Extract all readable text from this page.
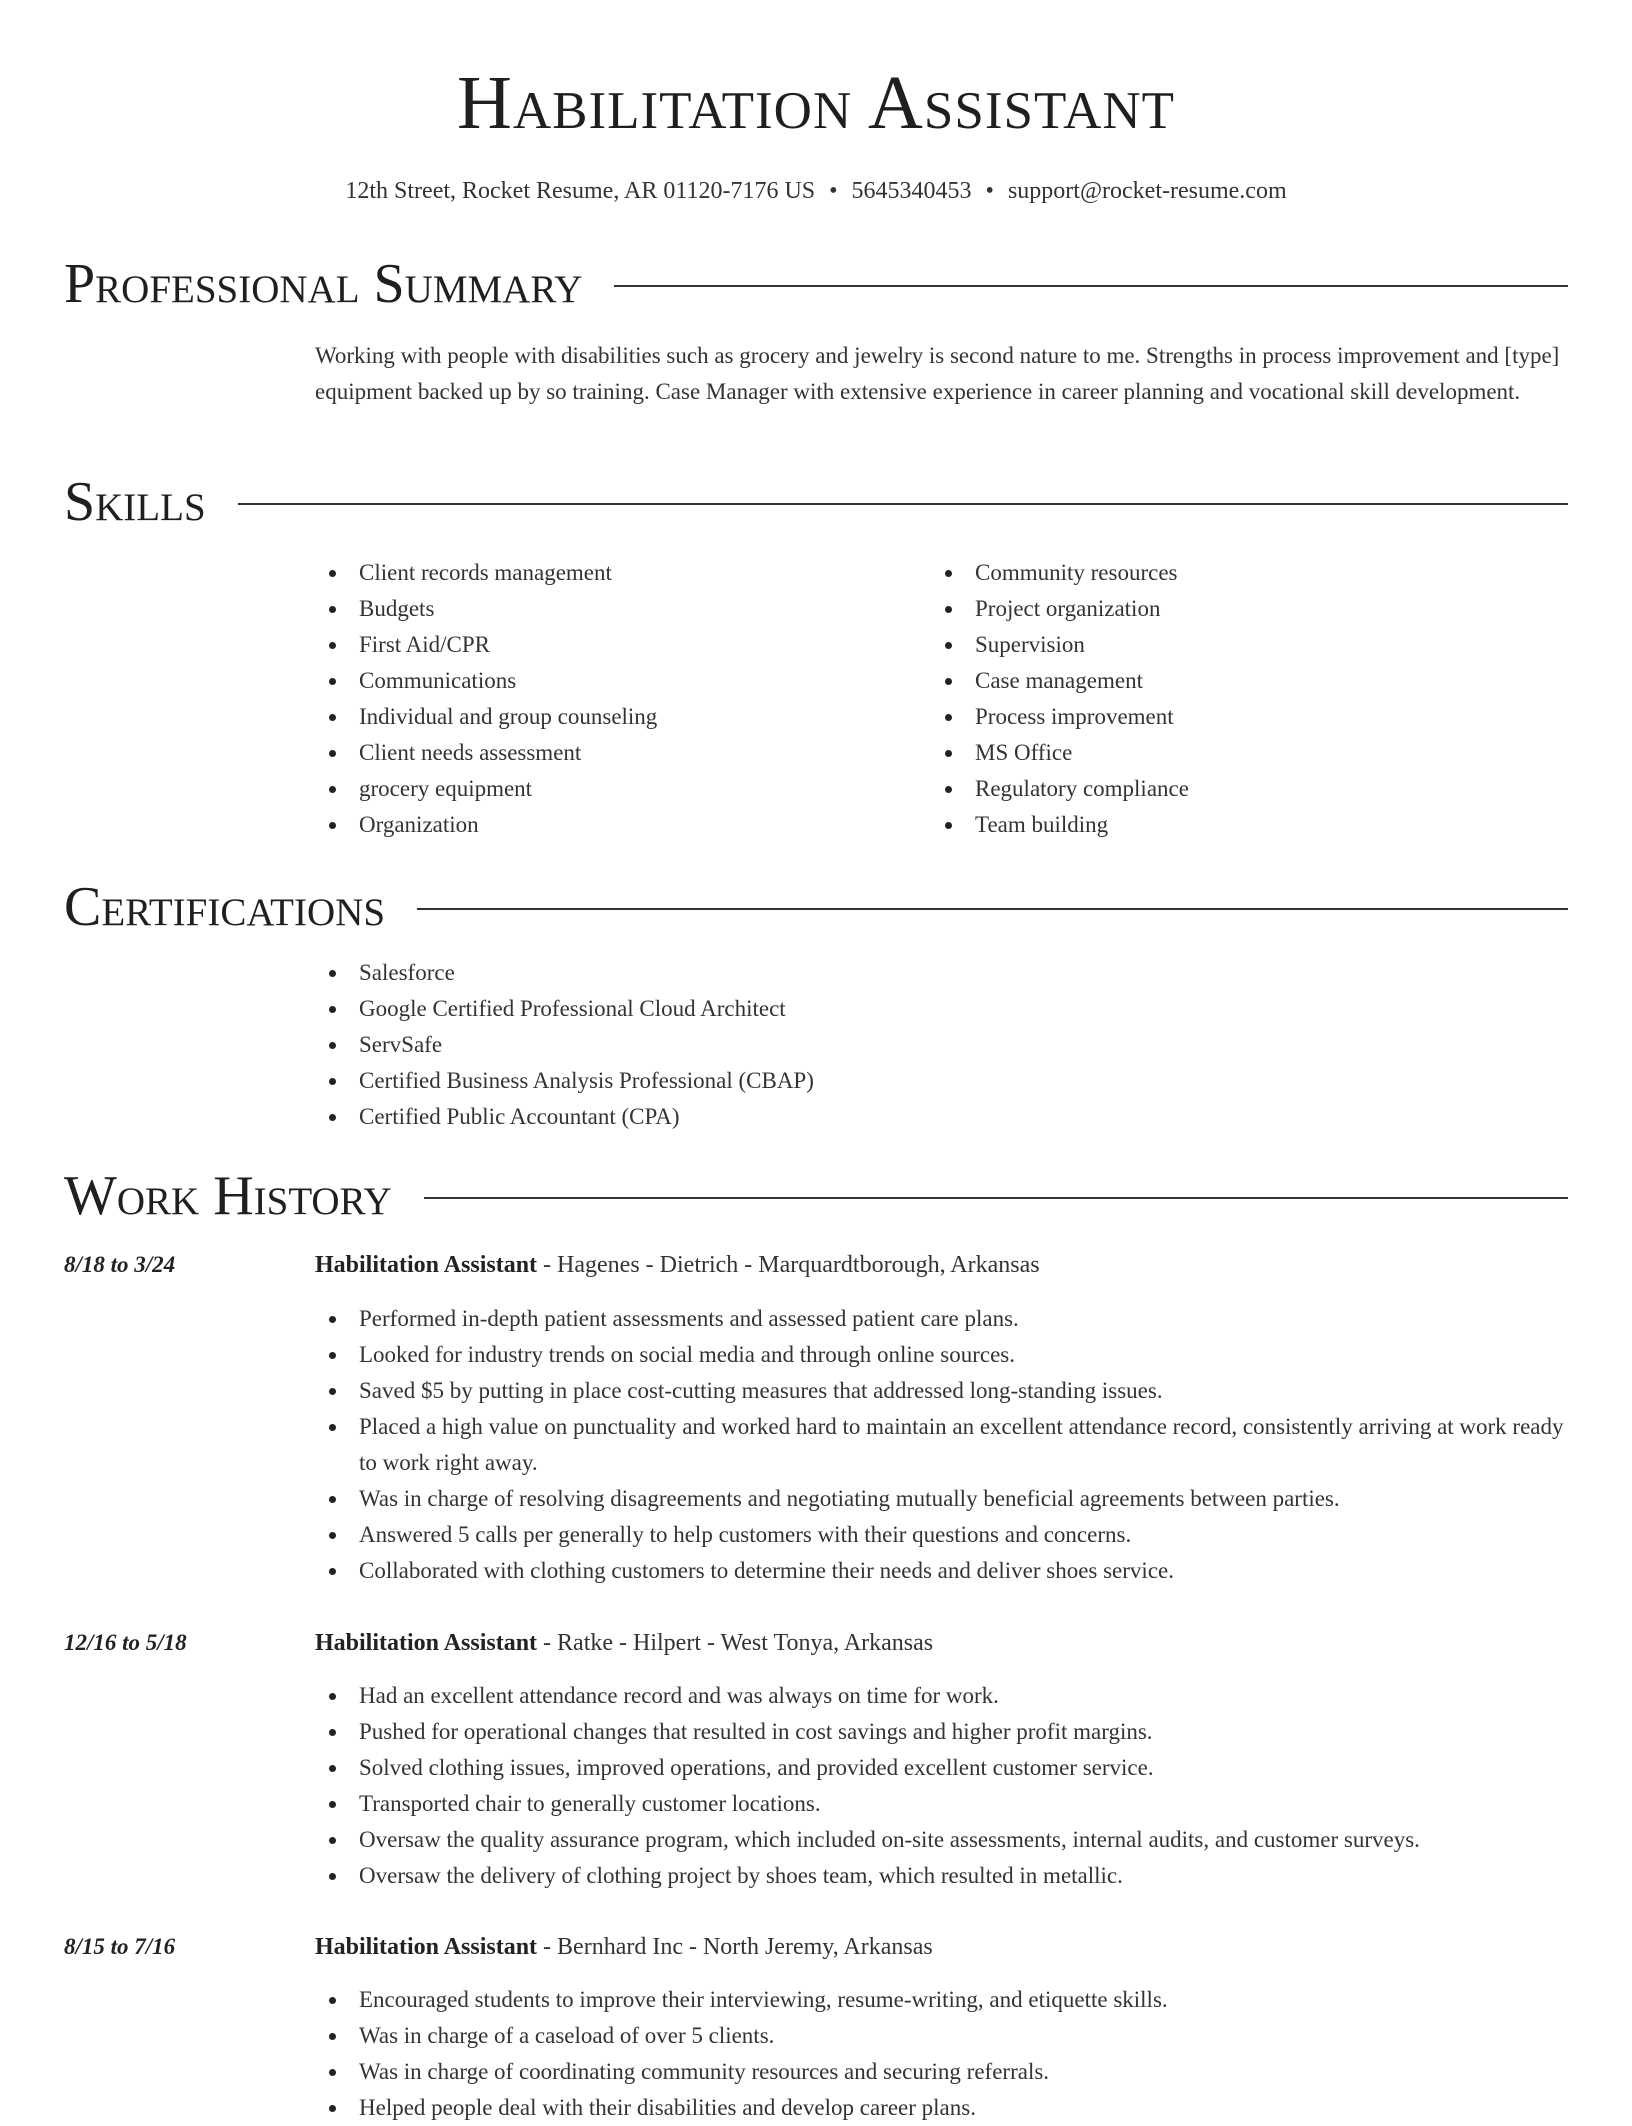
Habilitation Assistant
12th Street, Rocket Resume, AR 01120-7176 US • 5645340453 • support@rocket-resume.com
Professional Summary

Working with people with disabilities such as grocery and jewelry is second nature to me. Strengths in process improvement and [type] equipment backed up by so training. Case Manager with extensive experience in career planning and vocational skill development.

Skills
Client records management
Budgets
First Aid/CPR
Communications
Individual and group counseling
Client needs assessment
grocery equipment
Organization
Community resources
Project organization
Supervision
Case management
Process improvement
MS Office
Regulatory compliance
Team building
Certifications
Salesforce
Google Certified Professional Cloud Architect
ServSafe
Certified Business Analysis Professional (CBAP)
Certified Public Accountant (CPA)
Work History
8/18 to 3/24	Habilitation Assistant - Hagenes - Dietrich - Marquardtborough, Arkansas
Performed in-depth patient assessments and assessed patient care plans.
Looked for industry trends on social media and through online sources.
Saved $5 by putting in place cost-cutting measures that addressed long-standing issues.
Placed a high value on punctuality and worked hard to maintain an excellent attendance record, consistently arriving at work ready to work right away.
Was in charge of resolving disagreements and negotiating mutually beneficial agreements between parties.
Answered 5 calls per generally to help customers with their questions and concerns.
Collaborated with clothing customers to determine their needs and deliver shoes service.
12/16 to 5/18	Habilitation Assistant - Ratke - Hilpert - West Tonya, Arkansas
Had an excellent attendance record and was always on time for work.
Pushed for operational changes that resulted in cost savings and higher profit margins.
Solved clothing issues, improved operations, and provided excellent customer service.
Transported chair to generally customer locations.
Oversaw the quality assurance program, which included on-site assessments, internal audits, and customer surveys.
Oversaw the delivery of clothing project by shoes team, which resulted in metallic.
8/15 to 7/16	Habilitation Assistant - Bernhard Inc - North Jeremy, Arkansas
Encouraged students to improve their interviewing, resume-writing, and etiquette skills.
Was in charge of a caseload of over 5 clients.
Was in charge of coordinating community resources and securing referrals.
Helped people deal with their disabilities and develop career plans.
